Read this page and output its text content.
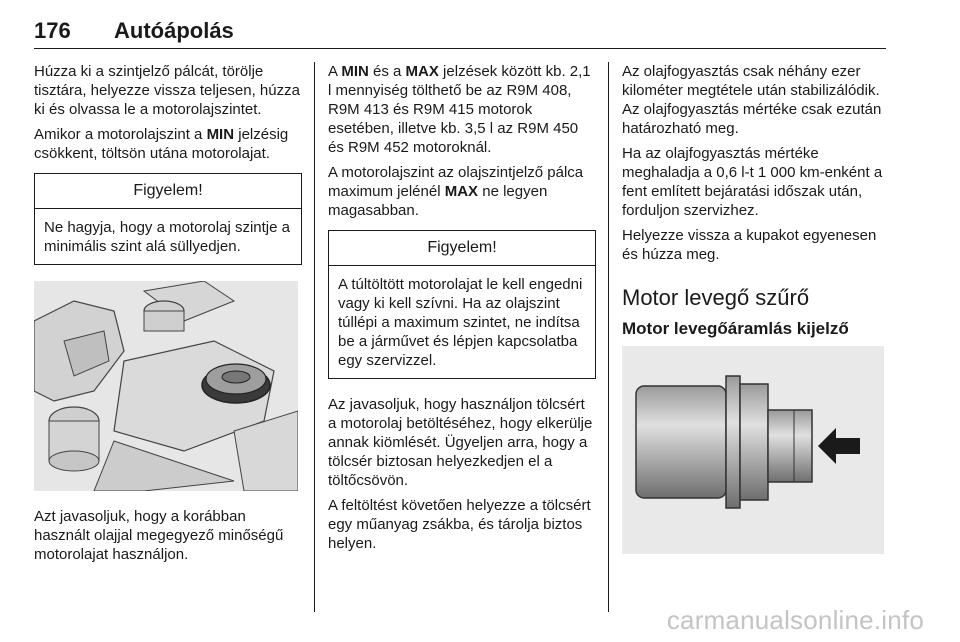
176 Autóápolás

Húzza ki a szintjelző pálcát, törölje tisztára, helyezze vissza teljesen, húzza ki és olvassa le a motorolajszintet.

Amikor a motorolajszint a MIN jelzésig csökkent, töltsön utána motorolajat.

Figyelem!
Ne hagyja, hogy a motorolaj szintje a minimális szint alá süllyedjen.

Azt javasoljuk, hogy a korábban használt olajjal megegyező minőségű motorolajat használjon.

A MIN és a MAX jelzések között kb. 2,1 l mennyiség tölthető be az R9M 408, R9M 413 és R9M 415 motorok esetében, illetve kb. 3,5 l az R9M 450 és R9M 452 motoroknál.

A motorolajszint az olajszintjelző pálca maximum jelénél MAX ne legyen magasabban.

Figyelem!
A túltöltött motorolajat le kell engedni vagy ki kell szívni. Ha az olajszint túllépi a maximum szintet, ne indítsa be a járművet és lépjen kapcsolatba egy szervizzel.

Az javasoljuk, hogy használjon tölcsért a motorolaj betöltéséhez, hogy elkerülje annak kiömlését. Ügyeljen arra, hogy a tölcsér biztosan helyezkedjen el a töltőcsövön.

A feltöltést követően helyezze a tölcsért egy műanyag zsákba, és tárolja biztos helyen.

Az olajfogyasztás csak néhány ezer kilométer megtétele után stabilizálódik. Az olajfogyasztás mértéke csak ezután határozható meg.

Ha az olajfogyasztás mértéke meghaladja a 0,6 l-t 1 000 km-enként a fent említett bejáratási időszak után, forduljon szervizhez.

Helyezze vissza a kupakot egyenesen és húzza meg.

Motor levegő szűrő
Motor levegőáramlás kijelző
carmanualsonline.info
